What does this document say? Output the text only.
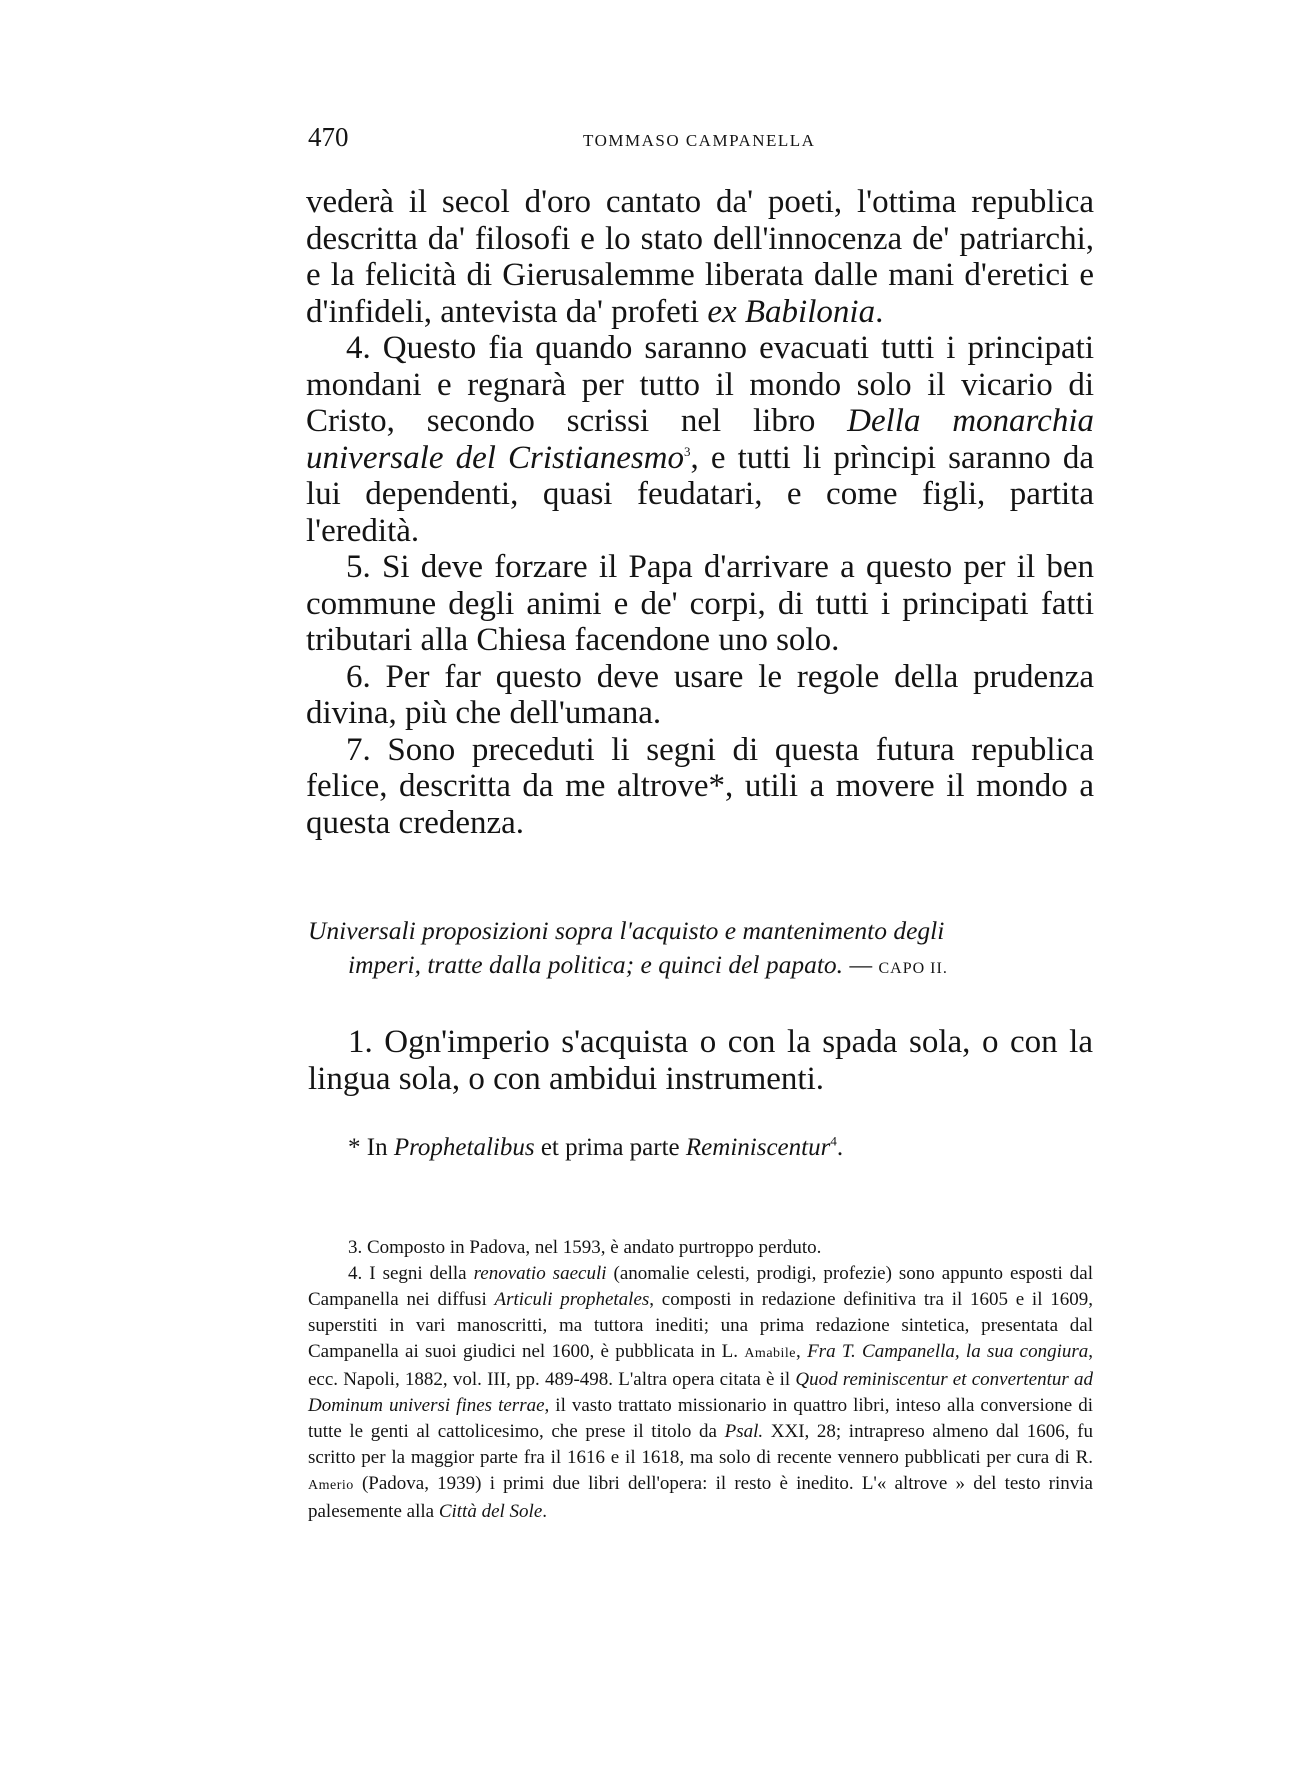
470	TOMMASO CAMPANELLA

vederà il secol d'oro cantato da' poeti, l'ottima republica descritta da' filosofi e lo stato dell'innocenza de' patriarchi, e la felicità di Gierusalemme liberata dalle mani d'eretici e d'infideli, antevista da' profeti ex Babilonia.

4. Questo fia quando saranno evacuati tutti i principati mondani e regnarà per tutto il mondo solo il vicario di Cristo, secondo scrissi nel libro Della monarchia universale del Cristianesmo$^3$, e tutti li prìncipi saranno da lui dependenti, quasi feudatari, e come figli, partita l'eredità.

5. Si deve forzare il Papa d'arrivare a questo per il ben commune degli animi e de' corpi, di tutti i principati fatti tributari alla Chiesa facendone uno solo.

6. Per far questo deve usare le regole della prudenza divina, più che dell'umana.

7. Sono preceduti li segni di questa futura republica felice, descritta da me altrove*, utili a movere il mondo a questa credenza.

Universali proposizioni sopra l'acquisto e mantenimento degli
imperi, tratte dalla politica; e quinci del papato. — CAPO II.

1. Ogn'imperio s'acquista o con la spada sola, o con la lingua sola, o con ambidui instrumenti.

* In Prophetalibus et prima parte Reminiscentur$^4$.

3. Composto in Padova, nel 1593, è andato purtroppo perduto.

4. I segni della renovatio saeculi (anomalie celesti, prodigi, profezie) sono appunto esposti dal Campanella nei diffusi Articuli prophetales, composti in redazione definitiva tra il 1605 e il 1609, superstiti in vari manoscritti, ma tuttora inediti; una prima redazione sintetica, presentata dal Campanella ai suoi giudici nel 1600, è pubblicata in L. Amabile, Fra T. Campanella, la sua congiura, ecc. Napoli, 1882, vol. III, pp. 489-498. L'altra opera citata è il Quod reminiscentur et convertentur ad Dominum universi fines terrae, il vasto trattato missionario in quattro libri, inteso alla conversione di tutte le genti al cattolicesimo, che prese il titolo da Psal. XXI, 28; intrapreso almeno dal 1606, fu scritto per la maggior parte fra il 1616 e il 1618, ma solo di recente vennero pubblicati per cura di R. Amerio (Padova, 1939) i primi due libri dell'opera: il resto è inedito. L'« altrove » del testo rinvia palesemente alla Città del Sole.
